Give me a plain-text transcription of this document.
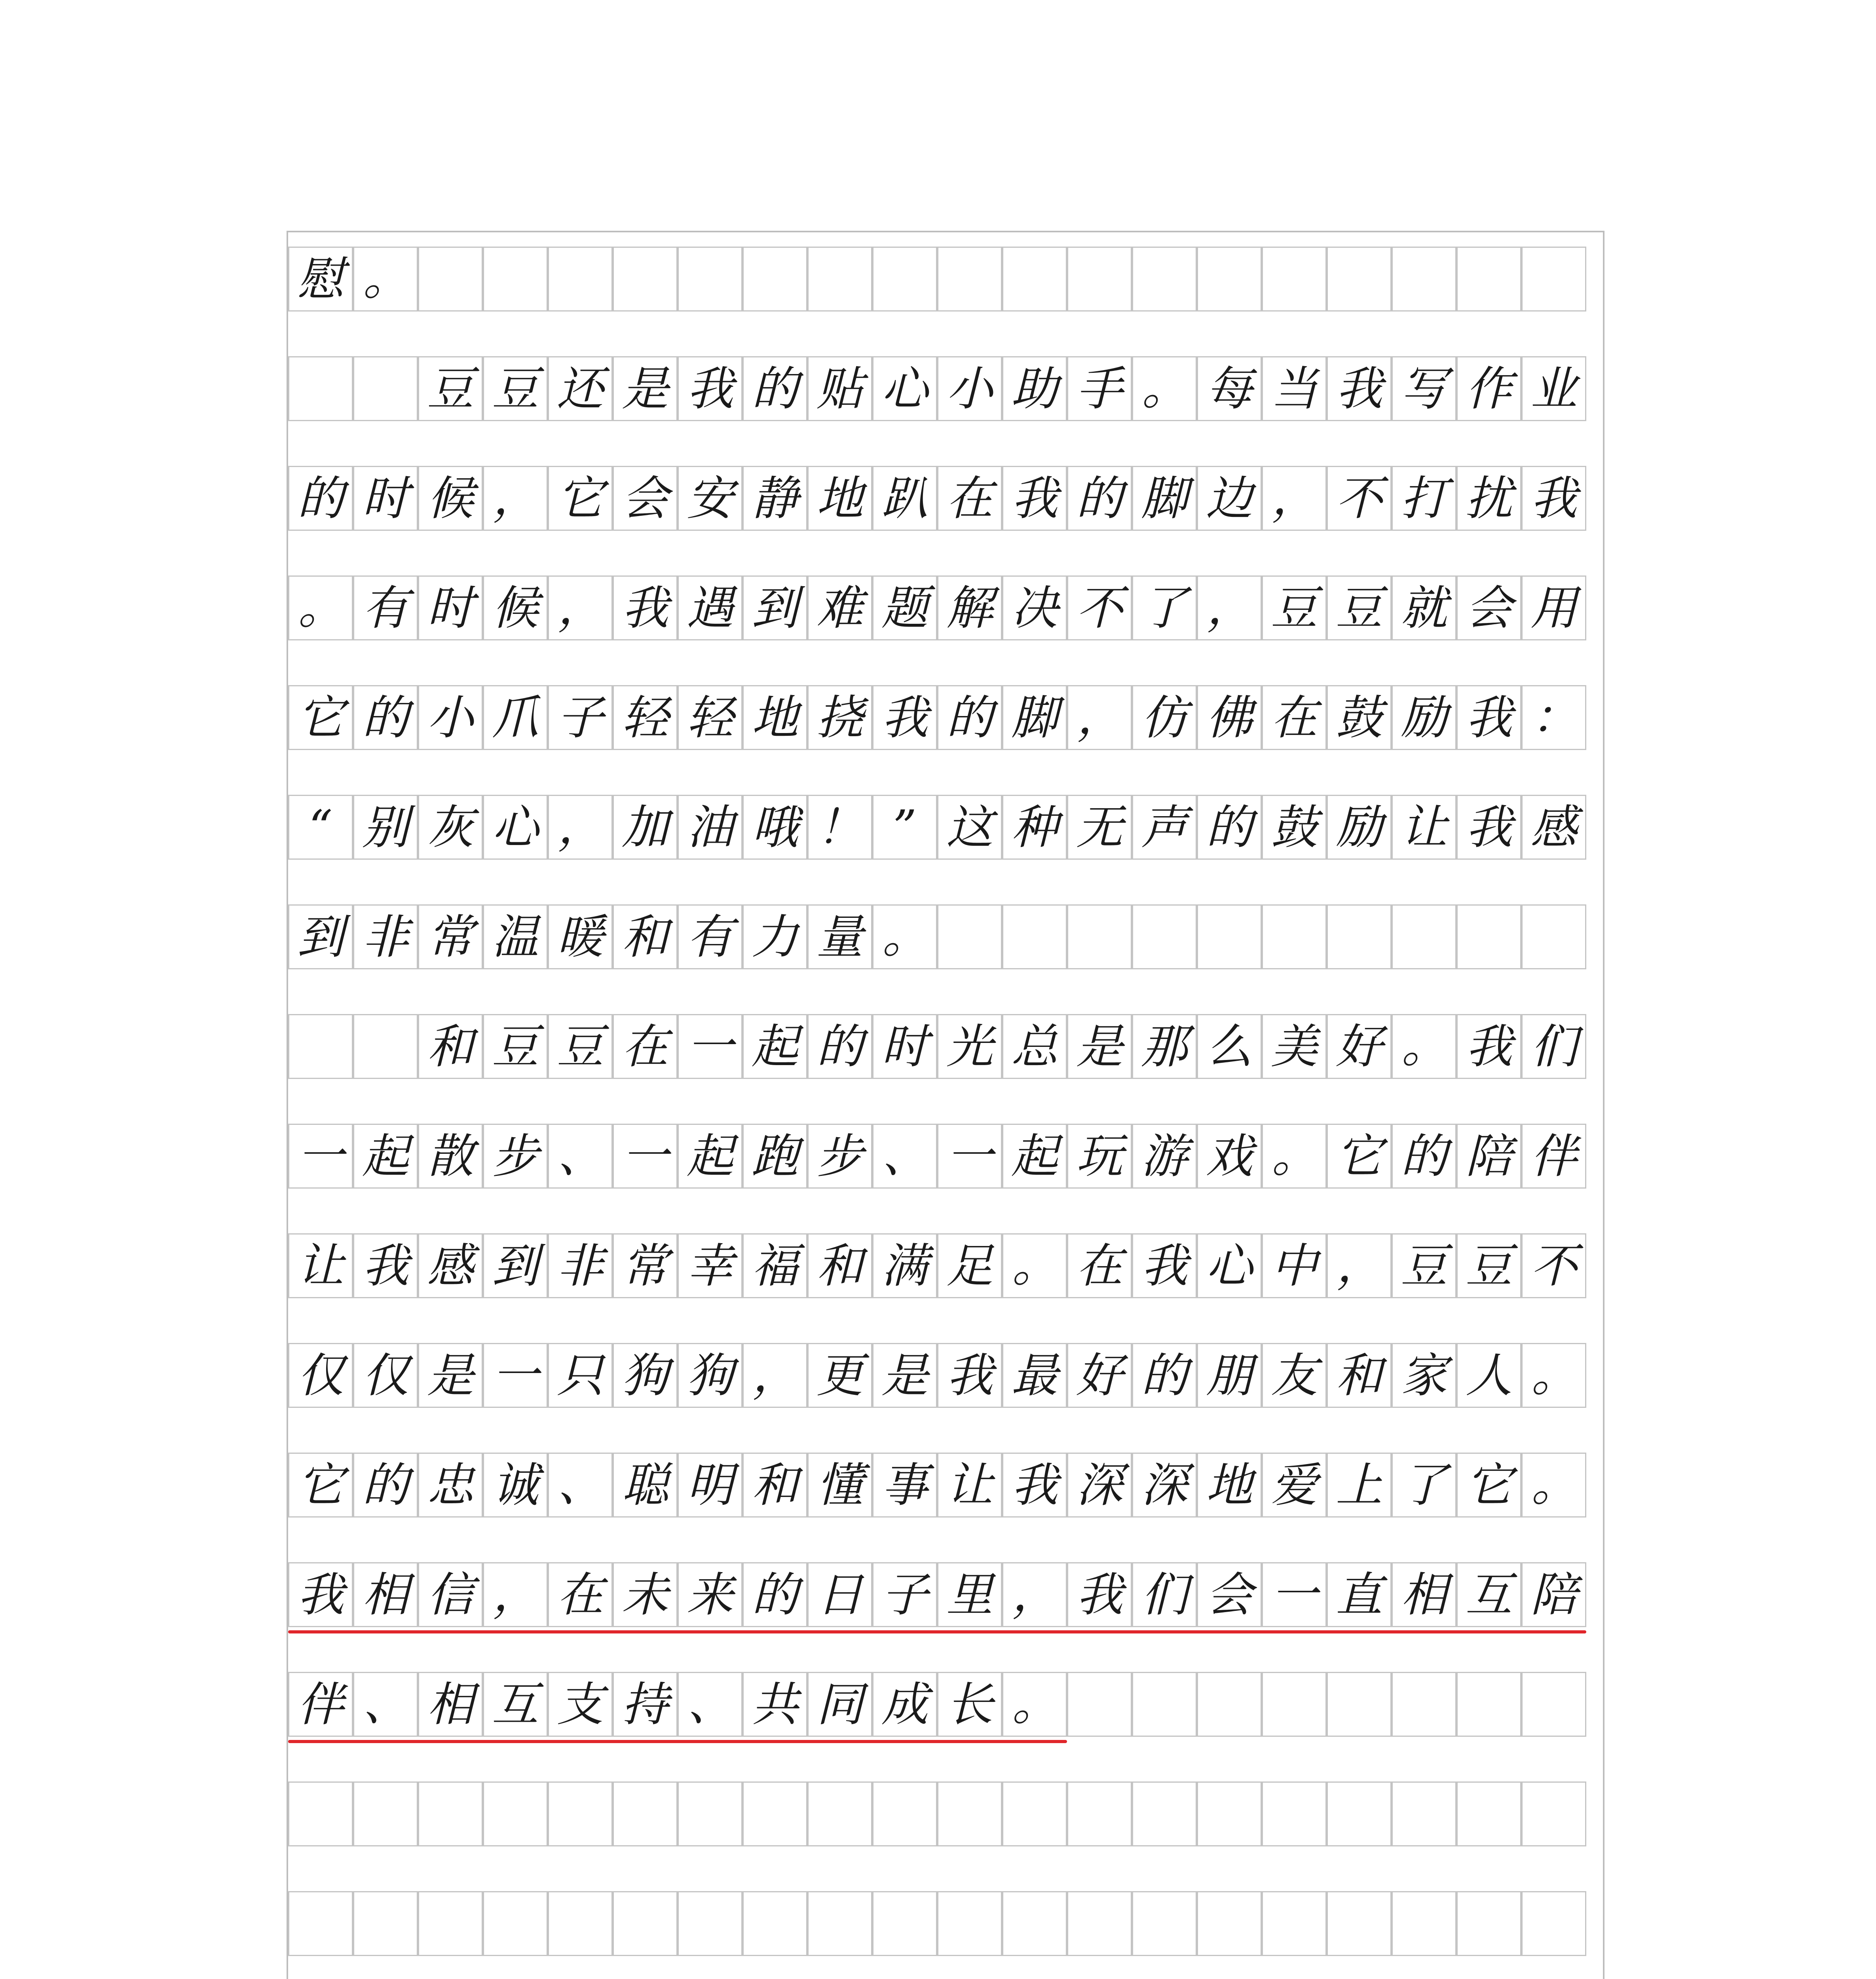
慰 。
豆 豆 还 是 我 的 贴 心 小 助 手 。 每 当 我 写 作 业
的 时 候 ， 它 会 安 静 地 趴 在 我 的 脚 边 ， 不 打 扰 我
。 有 时 候 ， 我 遇 到 难 题 解 决 不 了 ， 豆 豆 就 会 用
它 的 小 爪 子 轻 轻 地 挠 我 的 脚 ， 仿 佛 在 鼓 励 我 ：
“ 别 灰 心 ， 加 油 哦 ！ ” 这 种 无 声 的 鼓 励 让 我 感
到 非 常 温 暖 和 有 力 量 。
和 豆 豆 在 一 起 的 时 光 总 是 那 么 美 好 。 我 们
一 起 散 步 、 一 起 跑 步 、 一 起 玩 游 戏 。 它 的 陪 伴
让 我 感 到 非 常 幸 福 和 满 足 。 在 我 心 中 ， 豆 豆 不
仅 仅 是 一 只 狗 狗 ， 更 是 我 最 好 的 朋 友 和 家 人 。
它 的 忠 诚 、 聪 明 和 懂 事 让 我 深 深 地 爱 上 了 它 。
我 相 信 ， 在 未 来 的 日 子 里 ， 我 们 会 一 直 相 互 陪
伴 、 相 互 支 持 、 共 同 成 长 。
